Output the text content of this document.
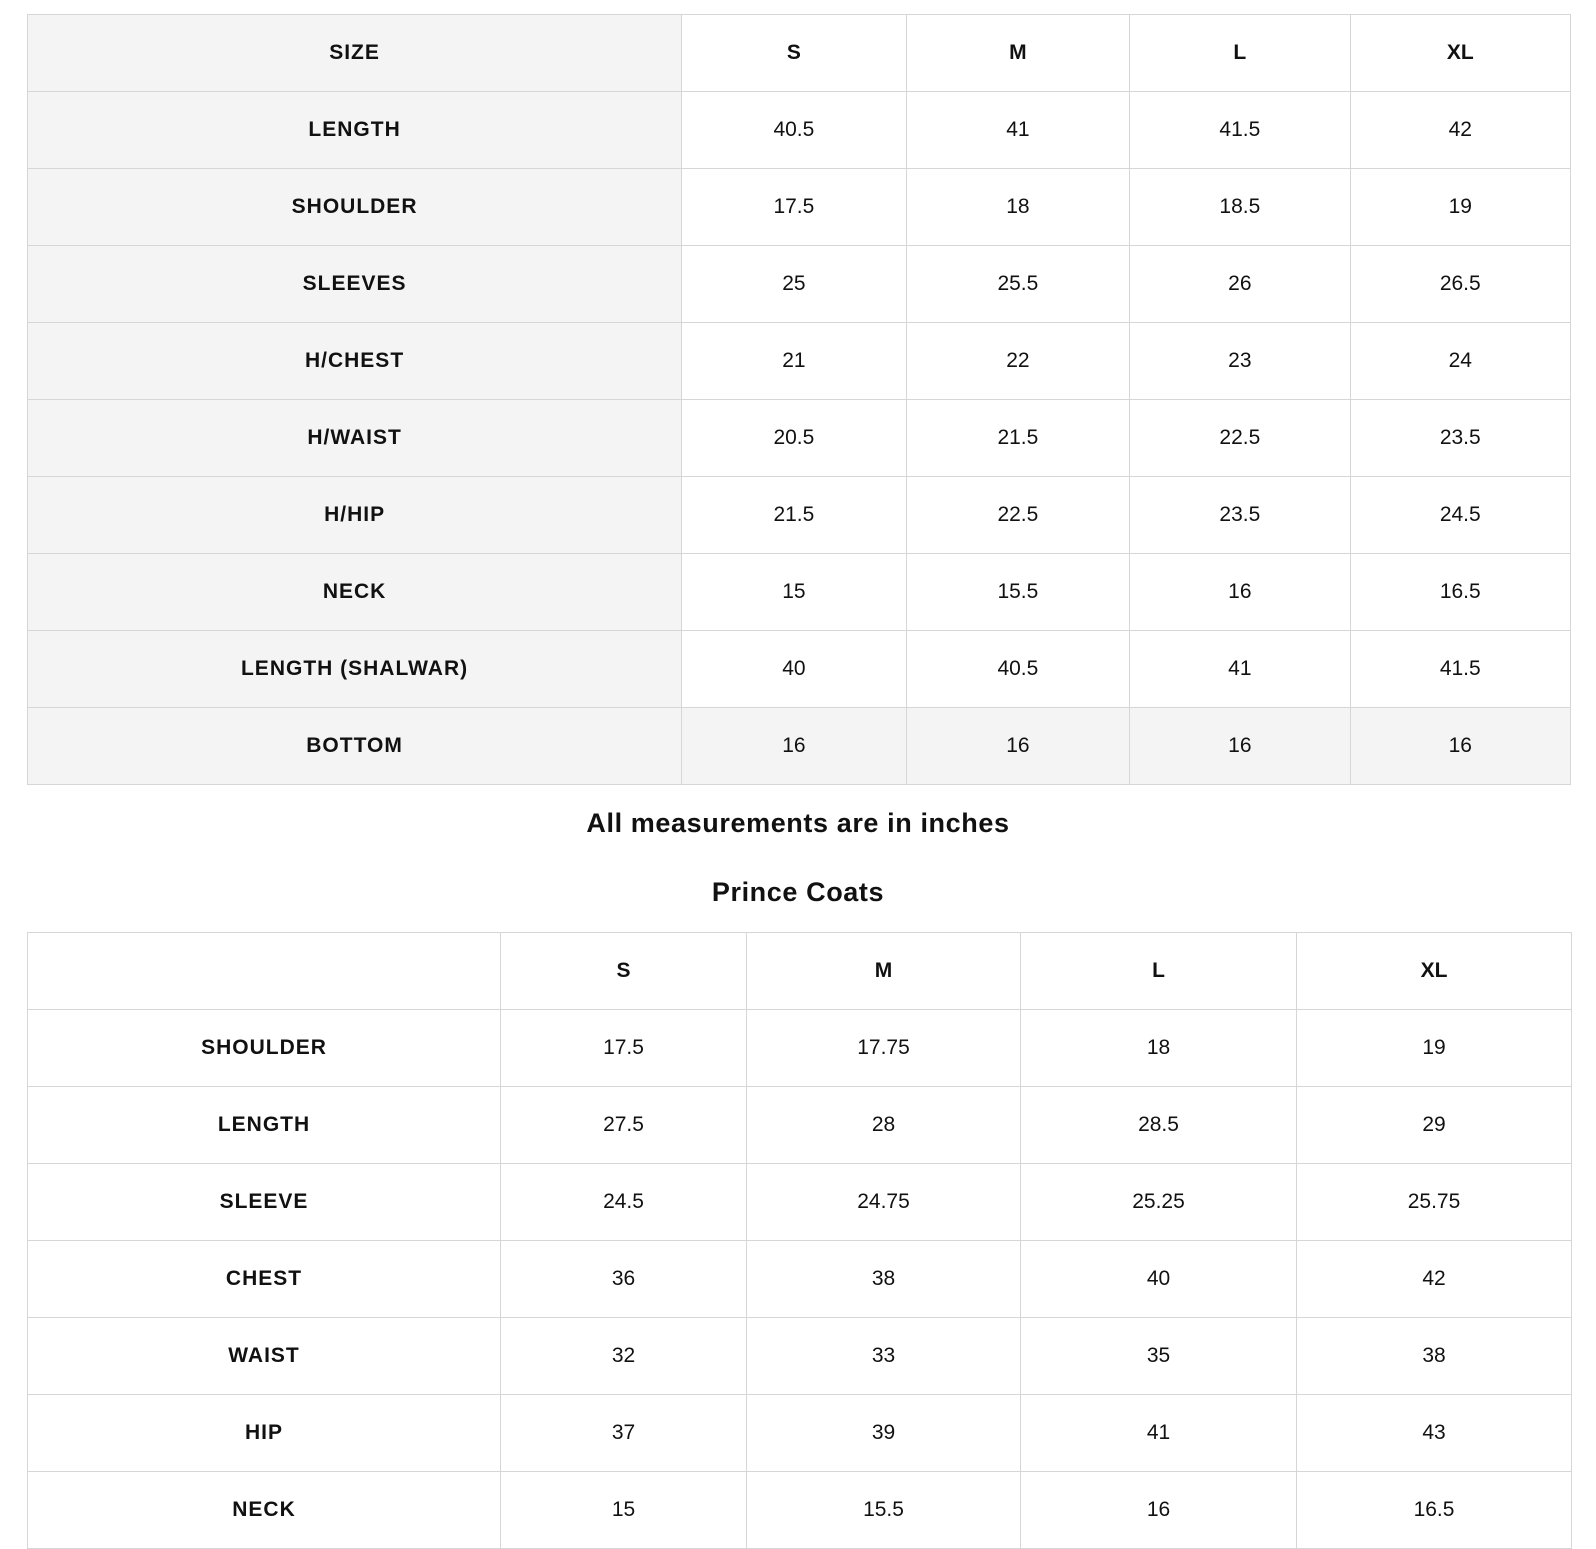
SIZE	S	M	L	XL
LENGTH	40.5	41	41.5	42
SHOULDER	17.5	18	18.5	19
SLEEVES	25	25.5	26	26.5
H/CHEST	21	22	23	24
H/WAIST	20.5	21.5	22.5	23.5
H/HIP	21.5	22.5	23.5	24.5
NECK	15	15.5	16	16.5
LENGTH (SHALWAR)	40	40.5	41	41.5
BOTTOM	16	16	16	16
All measurements are in inches
Prince Coats
	S	M	L	XL
SHOULDER	17.5	17.75	18	19
LENGTH	27.5	28	28.5	29
SLEEVE	24.5	24.75	25.25	25.75
CHEST	36	38	40	42
WAIST	32	33	35	38
HIP	37	39	41	43
NECK	15	15.5	16	16.5
